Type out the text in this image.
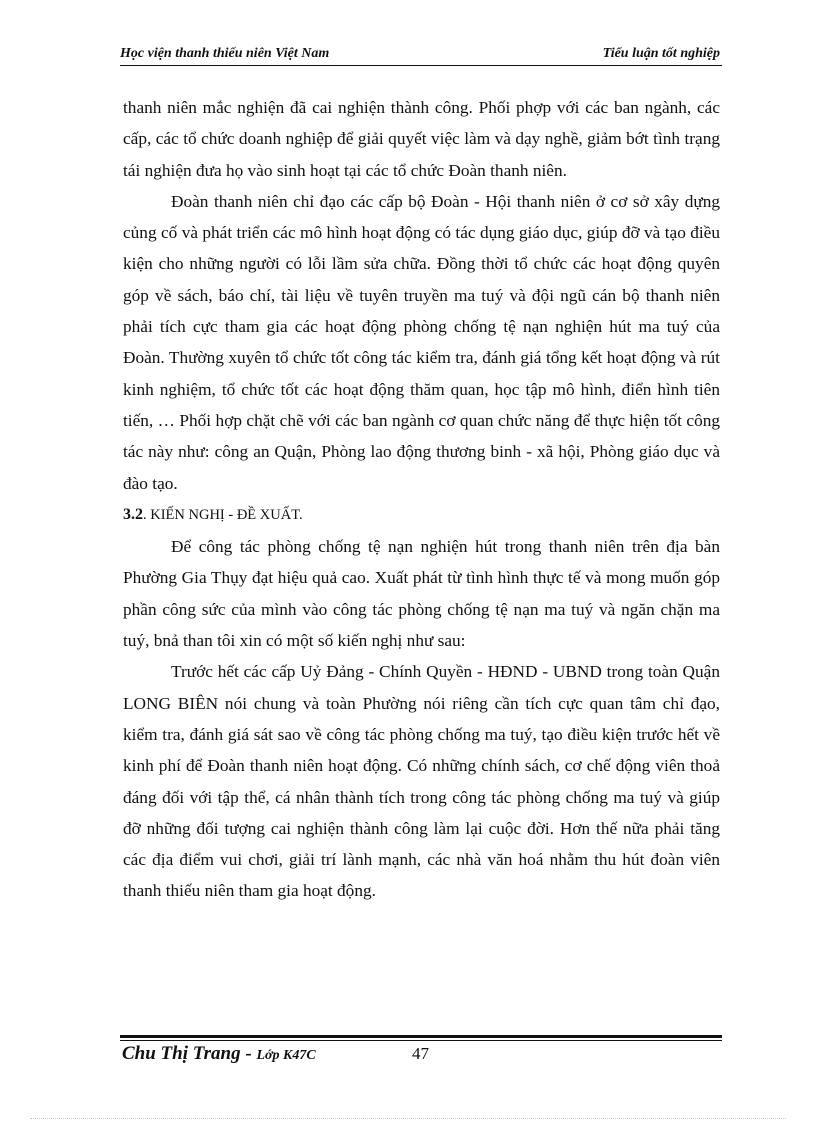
Học viện thanh thiếu niên Việt Nam	Tiểu luận tốt nghiệp

thanh niên mắc nghiện đã cai nghiện thành công. Phối phợp với các ban ngành, các cấp, các tổ chức doanh nghiệp để giải quyết việc làm và dạy nghề, giảm bớt tình trạng tái nghiện đưa họ vào sinh hoạt tại các tổ chức Đoàn thanh niên.

Đoàn thanh niên chỉ đạo các cấp bộ Đoàn - Hội thanh niên ở cơ sở xây dựng củng cố và phát triển các mô hình hoạt động có tác dụng giáo dục, giúp đỡ và tạo điều kiện cho những người có lỗi lầm sửa chữa. Đồng thời tổ chức các hoạt động quyên góp về sách, báo chí, tài liệu về tuyên truyền ma tuý và đội ngũ cán bộ thanh niên phải tích cực tham gia các hoạt động phòng chống tệ nạn nghiện hút ma tuý của Đoàn. Thường xuyên tổ chức tốt công tác kiểm tra, đánh giá tổng kết hoạt động và rút kinh nghiệm, tổ chức tốt các hoạt động thăm quan, học tập mô hình, điển hình tiên tiến, … Phối hợp chặt chẽ với các ban ngành cơ quan chức năng để thực hiện tốt công tác này như: công an Quận, Phòng lao động thương binh - xã hội, Phòng giáo dục và đào tạo.

3.2. KIẾN NGHỊ - ĐỀ XUẤT.

Để công tác phòng chống tệ nạn nghiện hút trong thanh niên trên địa bàn Phường Gia Thụy đạt hiệu quả cao. Xuất phát từ tình hình thực tế và mong muốn góp phần công sức của mình vào công tác phòng chống tệ nạn ma tuý và ngăn chặn ma tuý, bnả than tôi xin có một số kiến nghị như sau:

Trước hết các cấp Uỷ Đảng - Chính Quyền - HĐND - UBND trong toàn Quận LONG BIÊN nói chung và toàn Phường nói riêng cần tích cực quan tâm chỉ đạo, kiểm tra, đánh giá sát sao về công tác phòng chống ma tuý, tạo điều kiện trước hết về kinh phí để Đoàn thanh niên hoạt động. Có những chính sách, cơ chế động viên thoả đáng đối với tập thể, cá nhân thành tích trong công tác phòng chống ma tuý và giúp đỡ những đối tượng cai nghiện thành công làm lại cuộc đời. Hơn thế nữa phải tăng các địa điểm vui chơi, giải trí lành mạnh, các nhà văn hoá nhằm thu hút đoàn viên thanh thiếu niên tham gia hoạt động.

Chu Thị Trang - Lớp K47C	47
